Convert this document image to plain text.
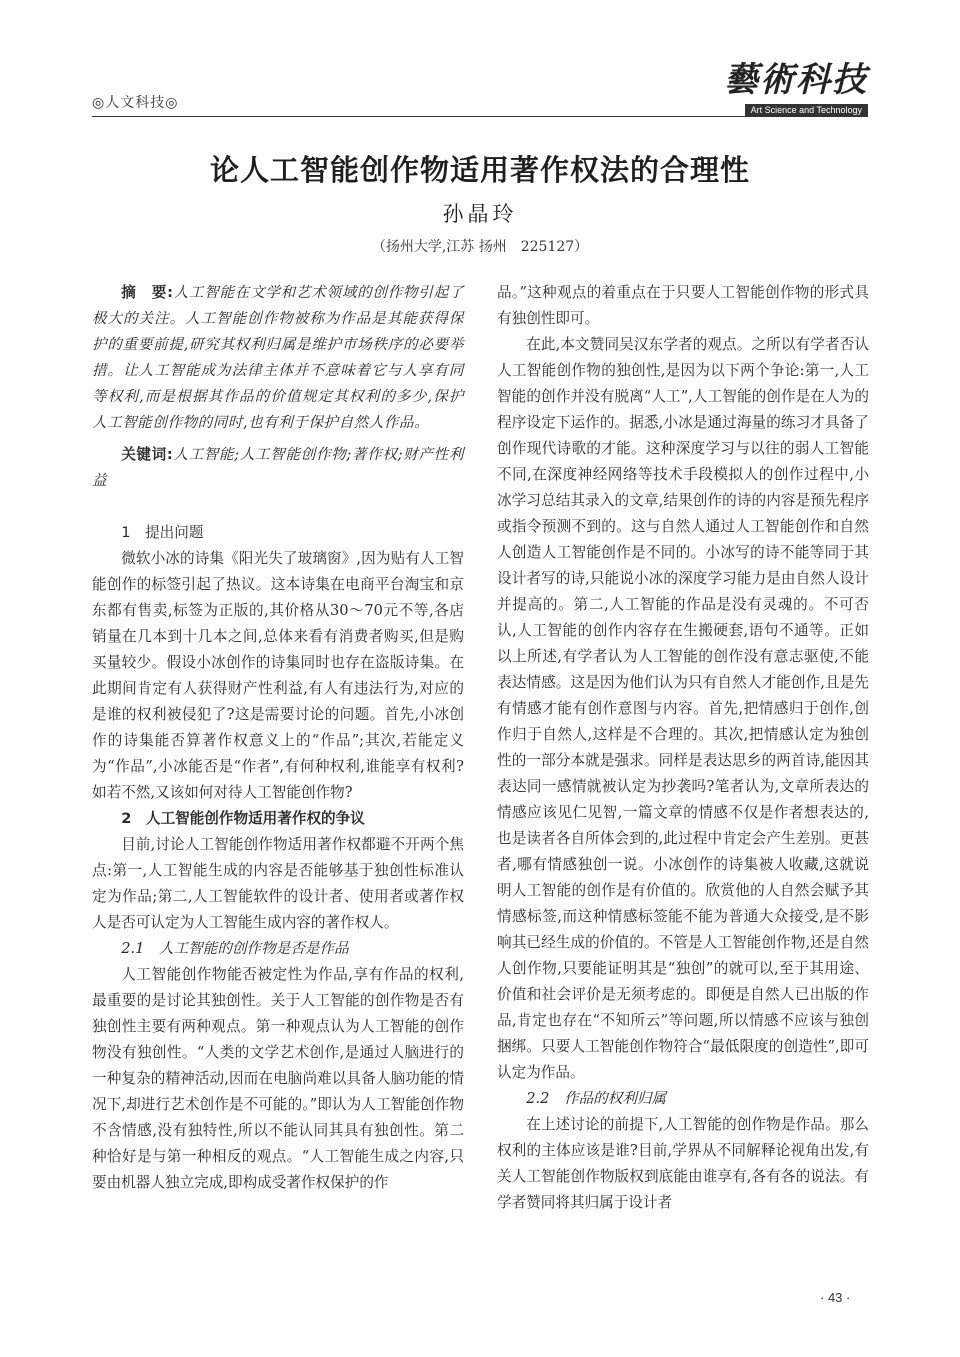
◎人文科技◎
藝術科技
Art Science and Technology
论人工智能创作物适用著作权法的合理性
孙晶玲
（扬州大学,江苏 扬州　225127）

摘　要:人工智能在文学和艺术领域的创作物引起了极大的关注。人工智能创作物被称为作品是其能获得保护的重要前提,研究其权利归属是维护市场秩序的必要举措。让人工智能成为法律主体并不意味着它与人享有同等权利,而是根据其作品的价值规定其权利的多少,保护人工智能创作物的同时,也有利于保护自然人作品。

关键词:人工智能;人工智能创作物;著作权;财产性利益

1　提出问题

微软小冰的诗集《阳光失了玻璃窗》,因为贴有人工智能创作的标签引起了热议。这本诗集在电商平台淘宝和京东都有售卖,标签为正版的,其价格从30～70元不等,各店销量在几本到十几本之间,总体来看有消费者购买,但是购买量较少。假设小冰创作的诗集同时也存在盗版诗集。在此期间肯定有人获得财产性利益,有人有违法行为,对应的是谁的权利被侵犯了?这是需要讨论的问题。首先,小冰创作的诗集能否算著作权意义上的“作品”;其次,若能定义为“作品”,小冰能否是“作者”,有何种权利,谁能享有权利?如若不然,又该如何对待人工智能创作物?

2　人工智能创作物适用著作权的争议

目前,讨论人工智能创作物适用著作权都避不开两个焦点:第一,人工智能生成的内容是否能够基于独创性标准认定为作品;第二,人工智能软件的设计者、使用者或著作权人是否可认定为人工智能生成内容的著作权人。

2.1　人工智能的创作物是否是作品

人工智能创作物能否被定性为作品,享有作品的权利,最重要的是讨论其独创性。关于人工智能的创作物是否有独创性主要有两种观点。第一种观点认为人工智能的创作物没有独创性。“人类的文学艺术创作,是通过人脑进行的一种复杂的精神活动,因而在电脑尚难以具备人脑功能的情况下,却进行艺术创作是不可能的。”即认为人工智能创作物不含情感,没有独特性,所以不能认同其具有独创性。第二种恰好是与第一种相反的观点。“人工智能生成之内容,只要由机器人独立完成,即构成受著作权保护的作

品。”这种观点的着重点在于只要人工智能创作物的形式具有独创性即可。

在此,本文赞同吴汉东学者的观点。之所以有学者否认人工智能创作物的独创性,是因为以下两个争论:第一,人工智能的创作并没有脱离“人工”,人工智能的创作是在人为的程序设定下运作的。据悉,小冰是通过海量的练习才具备了创作现代诗歌的才能。这种深度学习与以往的弱人工智能不同,在深度神经网络等技术手段模拟人的创作过程中,小冰学习总结其录入的文章,结果创作的诗的内容是预先程序或指令预测不到的。这与自然人通过人工智能创作和自然人创造人工智能创作是不同的。小冰写的诗不能等同于其设计者写的诗,只能说小冰的深度学习能力是由自然人设计并提高的。第二,人工智能的作品是没有灵魂的。不可否认,人工智能的创作内容存在生搬硬套,语句不通等。正如以上所述,有学者认为人工智能的创作没有意志驱使,不能表达情感。这是因为他们认为只有自然人才能创作,且是先有情感才能有创作意图与内容。首先,把情感归于创作,创作归于自然人,这样是不合理的。其次,把情感认定为独创性的一部分本就是强求。同样是表达思乡的两首诗,能因其表达同一感情就被认定为抄袭吗?笔者认为,文章所表达的情感应该见仁见智,一篇文章的情感不仅是作者想表达的,也是读者各自所体会到的,此过程中肯定会产生差别。更甚者,哪有情感独创一说。小冰创作的诗集被人收藏,这就说明人工智能的创作是有价值的。欣赏他的人自然会赋予其情感标签,而这种情感标签能不能为普通大众接受,是不影响其已经生成的价值的。不管是人工智能创作物,还是自然人创作物,只要能证明其是“独创”的就可以,至于其用途、价值和社会评价是无须考虑的。即便是自然人已出版的作品,肯定也存在“不知所云”等问题,所以情感不应该与独创捆绑。只要人工智能创作物符合“最低限度的创造性”,即可认定为作品。

2.2　作品的权利归属

在上述讨论的前提下,人工智能的创作物是作品。那么权利的主体应该是谁?目前,学界从不同解释论视角出发,有关人工智能创作物版权到底能由谁享有,各有各的说法。有学者赞同将其归属于设计者

· 43 ·
